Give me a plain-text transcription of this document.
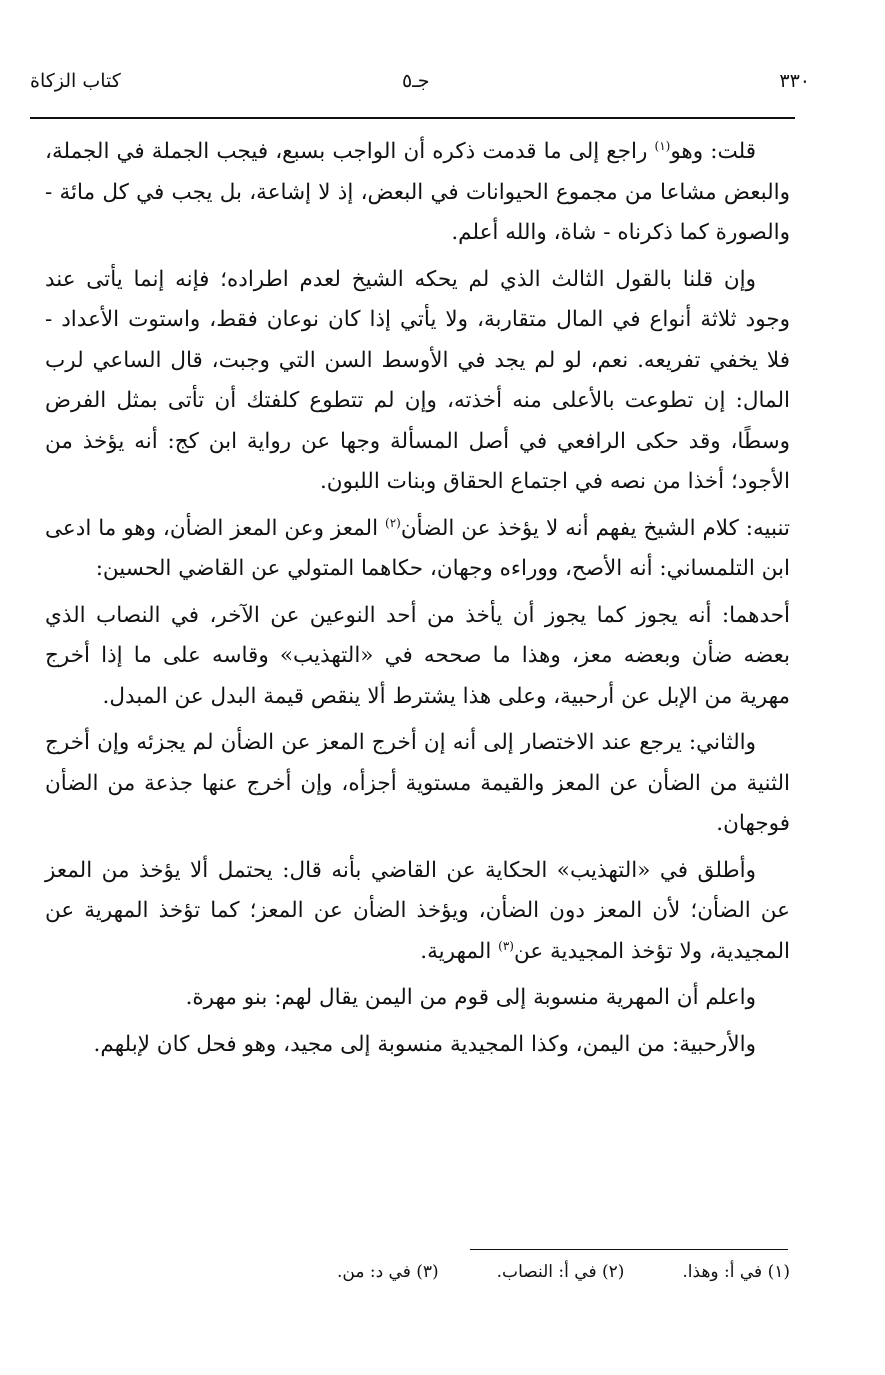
٣٣٠
جـ٥
كتاب الزكاة

قلت: وهو$^{(١)}$ راجع إلى ما قدمت ذكره أن الواجب بسبع، فيجب الجملة في الجملة، والبعض مشاعا من مجموع الحيوانات في البعض، إذ لا إشاعة، بل يجب في كل مائة - والصورة كما ذكرناه - شاة، والله أعلم.

وإن قلنا بالقول الثالث الذي لم يحكه الشيخ لعدم اطراده؛ فإنه إنما يأتى عند وجود ثلاثة أنواع في المال متقاربة، ولا يأتي إذا كان نوعان فقط، واستوت الأعداد - فلا يخفي تفريعه. نعم، لو لم يجد في الأوسط السن التي وجبت، قال الساعي لرب المال: إن تطوعت بالأعلى منه أخذته، وإن لم تتطوع كلفتك أن تأتى بمثل الفرض وسطًا، وقد حكى الرافعي في أصل المسألة وجها عن رواية ابن كج: أنه يؤخذ من الأجود؛ أخذا من نصه في اجتماع الحقاق وبنات اللبون.

تنبيه: كلام الشيخ يفهم أنه لا يؤخذ عن الضأن$^{(٢)}$ المعز وعن المعز الضأن، وهو ما ادعى ابن التلمساني: أنه الأصح، ووراءه وجهان، حكاهما المتولي عن القاضي الحسين:

أحدهما: أنه يجوز كما يجوز أن يأخذ من أحد النوعين عن الآخر، في النصاب الذي بعضه ضأن وبعضه معز، وهذا ما صححه في «التهذيب» وقاسه على ما إذا أخرج مهرية من الإبل عن أرحبية، وعلى هذا يشترط ألا ينقص قيمة البدل عن المبدل.

والثاني: يرجع عند الاختصار إلى أنه إن أخرج المعز عن الضأن لم يجزئه وإن أخرج الثنية من الضأن عن المعز والقيمة مستوية أجزأه، وإن أخرج عنها جذعة من الضأن فوجهان.

وأطلق في «التهذيب» الحكاية عن القاضي بأنه قال: يحتمل ألا يؤخذ من المعز عن الضأن؛ لأن المعز دون الضأن، ويؤخذ الضأن عن المعز؛ كما تؤخذ المهرية عن المجيدية، ولا تؤخذ المجيدية عن$^{(٣)}$ المهرية.

واعلم أن المهرية منسوبة إلى قوم من اليمن يقال لهم: بنو مهرة.

والأرحبية: من اليمن، وكذا المجيدية منسوبة إلى مجيد، وهو فحل كان لإبلهم.

(١) في أ: وهذا.
(٢) في أ: النصاب.
(٣) في د: من.
